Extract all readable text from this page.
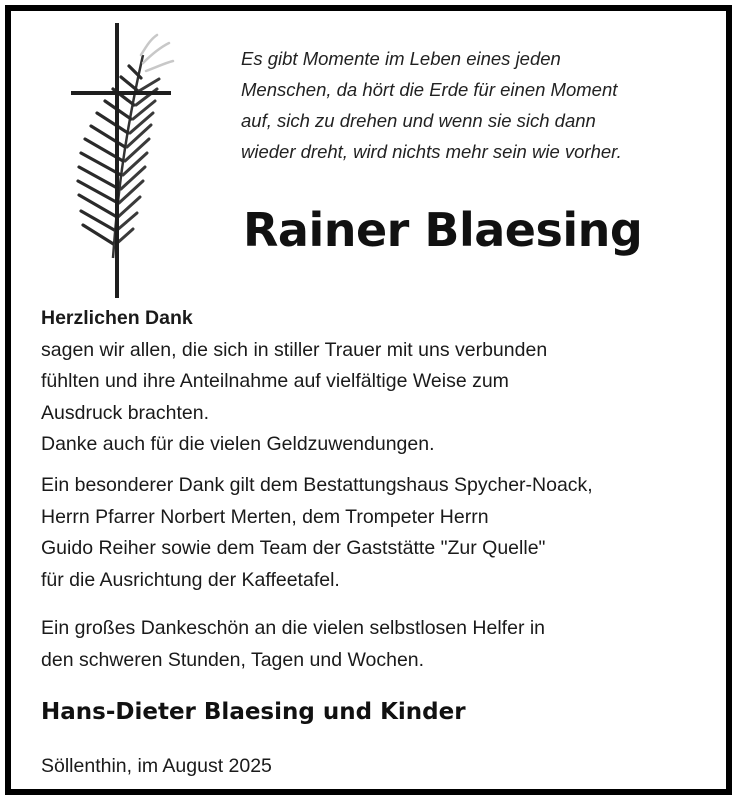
Es gibt Momente im Leben eines jeden
Menschen, da hört die Erde für einen Moment
auf, sich zu drehen und wenn sie sich dann
wieder dreht, wird nichts mehr sein wie vorher.
Rainer Blaesing
Herzlichen Dank
sagen wir allen, die sich in stiller Trauer mit uns verbunden
fühlten und ihre Anteilnahme auf vielfältige Weise zum
Ausdruck brachten.
Danke auch für die vielen Geldzuwendungen.
Ein besonderer Dank gilt dem Bestattungshaus Spycher-Noack,
Herrn Pfarrer Norbert Merten, dem Trompeter Herrn
Guido Reiher sowie dem Team der Gaststätte "Zur Quelle"
für die Ausrichtung der Kaffeetafel.
Ein großes Dankeschön an die vielen selbstlosen Helfer in
den schweren Stunden, Tagen und Wochen.
Hans-Dieter Blaesing und Kinder
Söllenthin, im August 2025
